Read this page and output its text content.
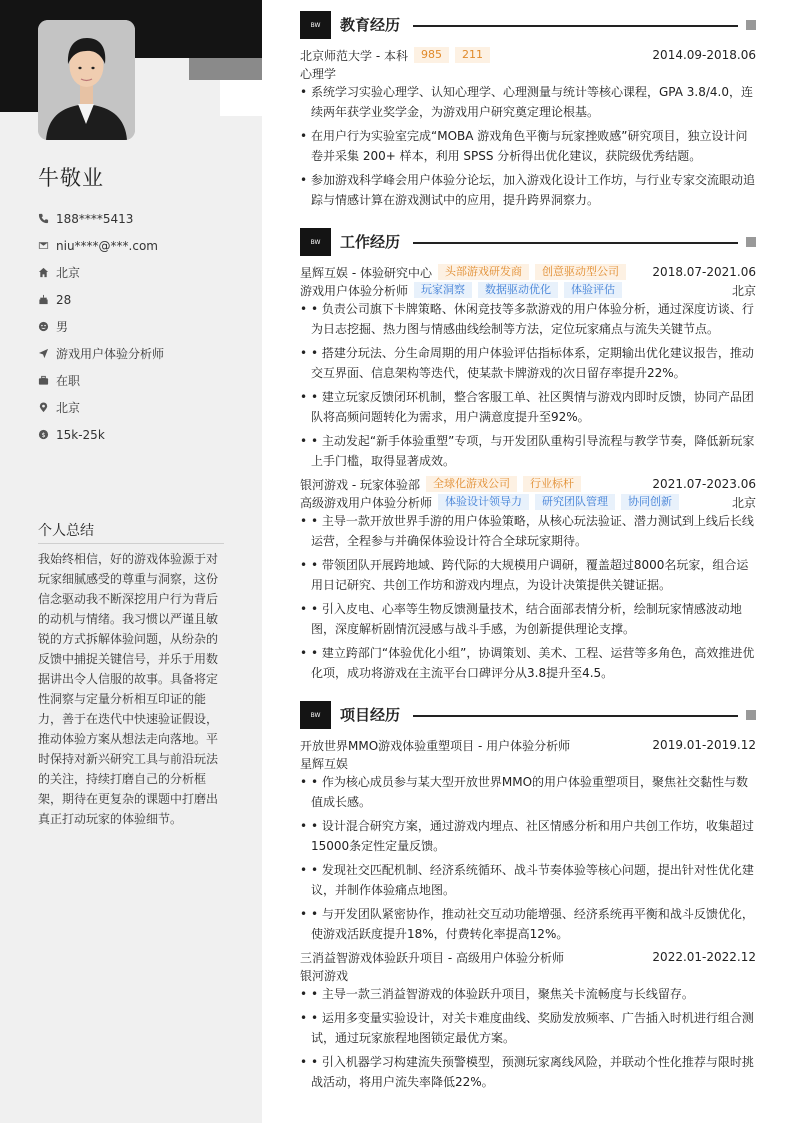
牛敬业
188****5413
niu****@***.com
北京
28
男
游戏用户体验分析师
在职
北京
$ 15k-25k
个人总结

我始终相信，好的游戏体验源于对玩家细腻感受的尊重与洞察，这份信念驱动我不断深挖用户行为背后的动机与情绪。我习惯以严谨且敏锐的方式拆解体验问题，从纷杂的反馈中捕捉关键信号，并乐于用数据讲出令人信服的故事。具备将定性洞察与定量分析相互印证的能力，善于在迭代中快速验证假设，推动体验方案从想法走向落地。平时保持对新兴研究工具与前沿玩法的关注，持续打磨自己的分析框架，期待在更复杂的课题中打磨出真正打动玩家的体验细节。

BW	教育经历
北京师范大学 - 本科	985	211	2014.09-2018.06
心理学
• 系统学习实验心理学、认知心理学、心理测量与统计等核心课程，GPA 3.8/4.0，连续两年获学业奖学金，为游戏用户研究奠定理论根基。
• 在用户行为实验室完成“MOBA 游戏角色平衡与玩家挫败感”研究项目，独立设计问卷并采集 200+ 样本，利用 SPSS 分析得出优化建议，获院级优秀结题。
• 参加游戏科学峰会用户体验分论坛，加入游戏化设计工作坊，与行业专家交流眼动追踪与情感计算在游戏测试中的应用，提升跨界洞察力。
BW	工作经历
星辉互娱 - 体验研究中心	头部游戏研发商	创意驱动型公司	2018.07-2021.06
游戏用户体验分析师	玩家洞察	数据驱动优化	体验评估	北京
• • 负责公司旗下卡牌策略、休闲竞技等多款游戏的用户体验分析，通过深度访谈、行为日志挖掘、热力图与情感曲线绘制等方法，定位玩家痛点与流失关键节点。
• • 搭建分玩法、分生命周期的用户体验评估指标体系，定期输出优化建议报告，推动交互界面、信息架构等迭代，使某款卡牌游戏的次日留存率提升22%。
• • 建立玩家反馈闭环机制，整合客服工单、社区舆情与游戏内即时反馈，协同产品团队将高频问题转化为需求，用户满意度提升至92%。
• • 主动发起“新手体验重塑”专项，与开发团队重构引导流程与教学节奏，降低新玩家上手门槛，取得显著成效。
银河游戏 - 玩家体验部	全球化游戏公司	行业标杆	2021.07-2023.06
高级游戏用户体验分析师	体验设计领导力	研究团队管理	协同创新	北京
• • 主导一款开放世界手游的用户体验策略，从核心玩法验证、潜力测试到上线后长线运营，全程参与并确保体验设计符合全球玩家期待。
• • 带领团队开展跨地域、跨代际的大规模用户调研，覆盖超过8000名玩家，组合运用日记研究、共创工作坊和游戏内埋点，为设计决策提供关键证据。
• • 引入皮电、心率等生物反馈测量技术，结合面部表情分析，绘制玩家情感波动地图，深度解析剧情沉浸感与战斗手感，为创新提供理论支撑。
• • 建立跨部门“体验优化小组”，协调策划、美术、工程、运营等多角色，高效推进优化项，成功将游戏在主流平台口碑评分从3.8提升至4.5。
BW	项目经历
开放世界MMO游戏体验重塑项目 - 用户体验分析师	2019.01-2019.12
星辉互娱
• • 作为核心成员参与某大型开放世界MMO的用户体验重塑项目，聚焦社交黏性与数值成长感。
• • 设计混合研究方案，通过游戏内埋点、社区情感分析和用户共创工作坊，收集超过15000条定性定量反馈。
• • 发现社交匹配机制、经济系统循环、战斗节奏体验等核心问题，提出针对性优化建议，并制作体验痛点地图。
• • 与开发团队紧密协作，推动社交互动功能增强、经济系统再平衡和战斗反馈优化，使游戏活跃度提升18%，付费转化率提高12%。
三消益智游戏体验跃升项目 - 高级用户体验分析师	2022.01-2022.12
银河游戏
• • 主导一款三消益智游戏的体验跃升项目，聚焦关卡流畅度与长线留存。
• • 运用多变量实验设计，对关卡难度曲线、奖励发放频率、广告插入时机进行组合测试，通过玩家旅程地图锁定最优方案。
• • 引入机器学习构建流失预警模型，预测玩家离线风险，并联动个性化推荐与限时挑战活动，将用户流失率降低22%。
